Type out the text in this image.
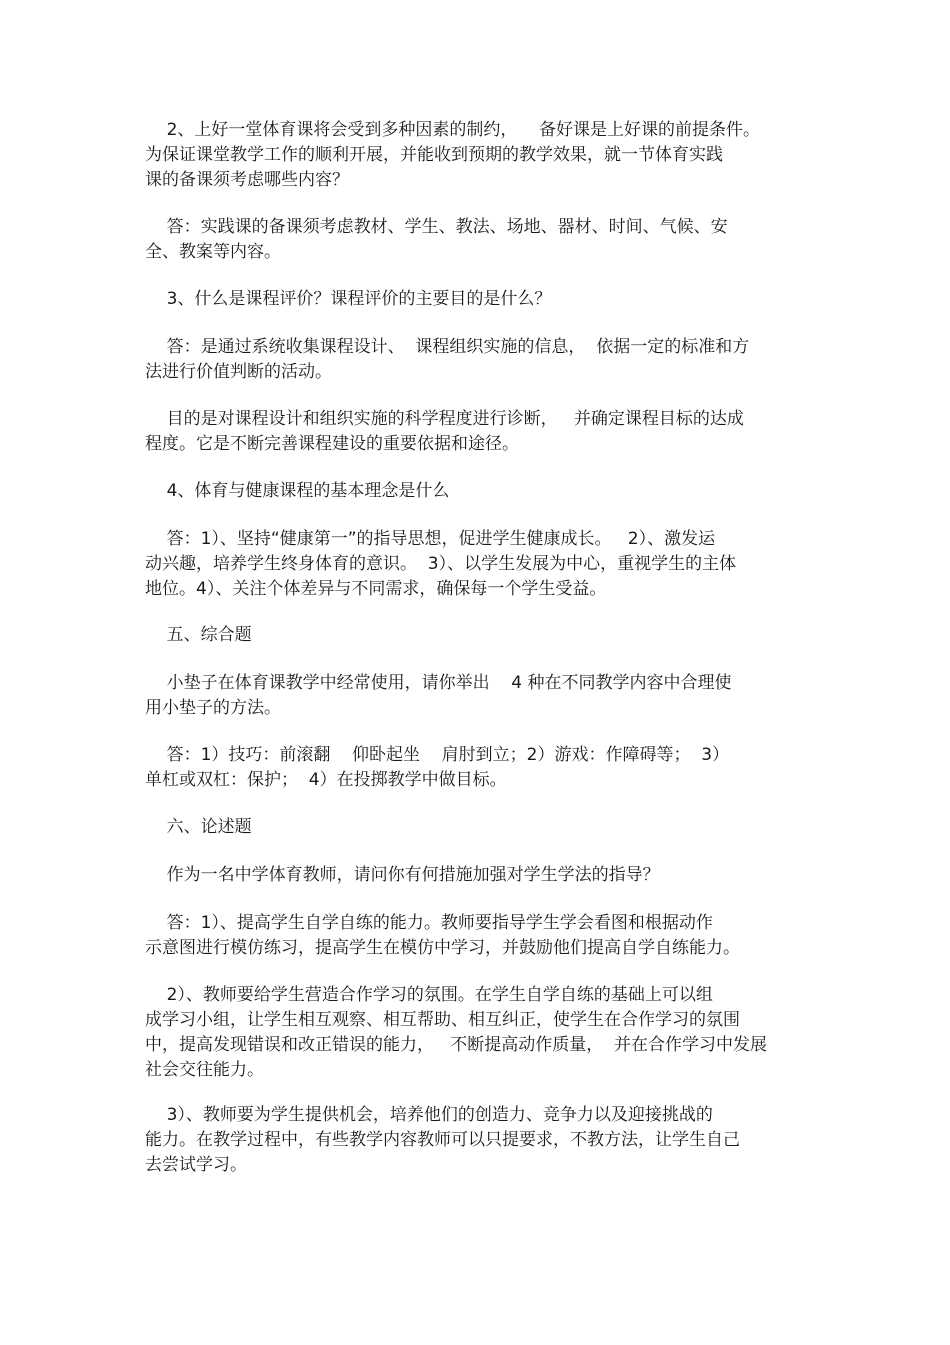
2、上好一堂体育课将会受到多种因素的制约，    备好课是上好课的前提条件。
为保证课堂教学工作的顺利开展，并能收到预期的教学效果，就一节体育实践
课的备课须考虑哪些内容？
答：实践课的备课须考虑教材、学生、教法、场地、器材、时间、气候、安
全、教案等内容。
3、什么是课程评价？课程评价的主要目的是什么？
答：是通过系统收集课程设计、  课程组织实施的信息，  依据一定的标准和方
法进行价值判断的活动。
目的是对课程设计和组织实施的科学程度进行诊断，   并确定课程目标的达成
程度。它是不断完善课程建设的重要依据和途径。
4、体育与健康课程的基本理念是什么
答：1）、坚持“健康第一”的指导思想，促进学生健康成长。   2）、激发运
动兴趣，培养学生终身体育的意识。  3）、以学生发展为中心，重视学生的主体
地位。4）、关注个体差异与不同需求，确保每一个学生受益。
五、综合题
小垫子在体育课教学中经常使用，请你举出    4 种在不同教学内容中合理使
用小垫子的方法。
答：1）技巧：前滚翻    仰卧起坐    肩肘到立；2）游戏：作障碍等；  3）
单杠或双杠：保护；  4）在投掷教学中做目标。
六、论述题
作为一名中学体育教师，请问你有何措施加强对学生学法的指导？
答：1）、提高学生自学自练的能力。教师要指导学生学会看图和根据动作
示意图进行模仿练习，提高学生在模仿中学习，并鼓励他们提高自学自练能力。
2）、教师要给学生营造合作学习的氛围。在学生自学自练的基础上可以组
成学习小组，让学生相互观察、相互帮助、相互纠正，使学生在合作学习的氛围
中，提高发现错误和改正错误的能力，   不断提高动作质量，  并在合作学习中发展
社会交往能力。
3）、教师要为学生提供机会，培养他们的创造力、竞争力以及迎接挑战的
能力。在教学过程中，有些教学内容教师可以只提要求，不教方法，让学生自己
去尝试学习。
